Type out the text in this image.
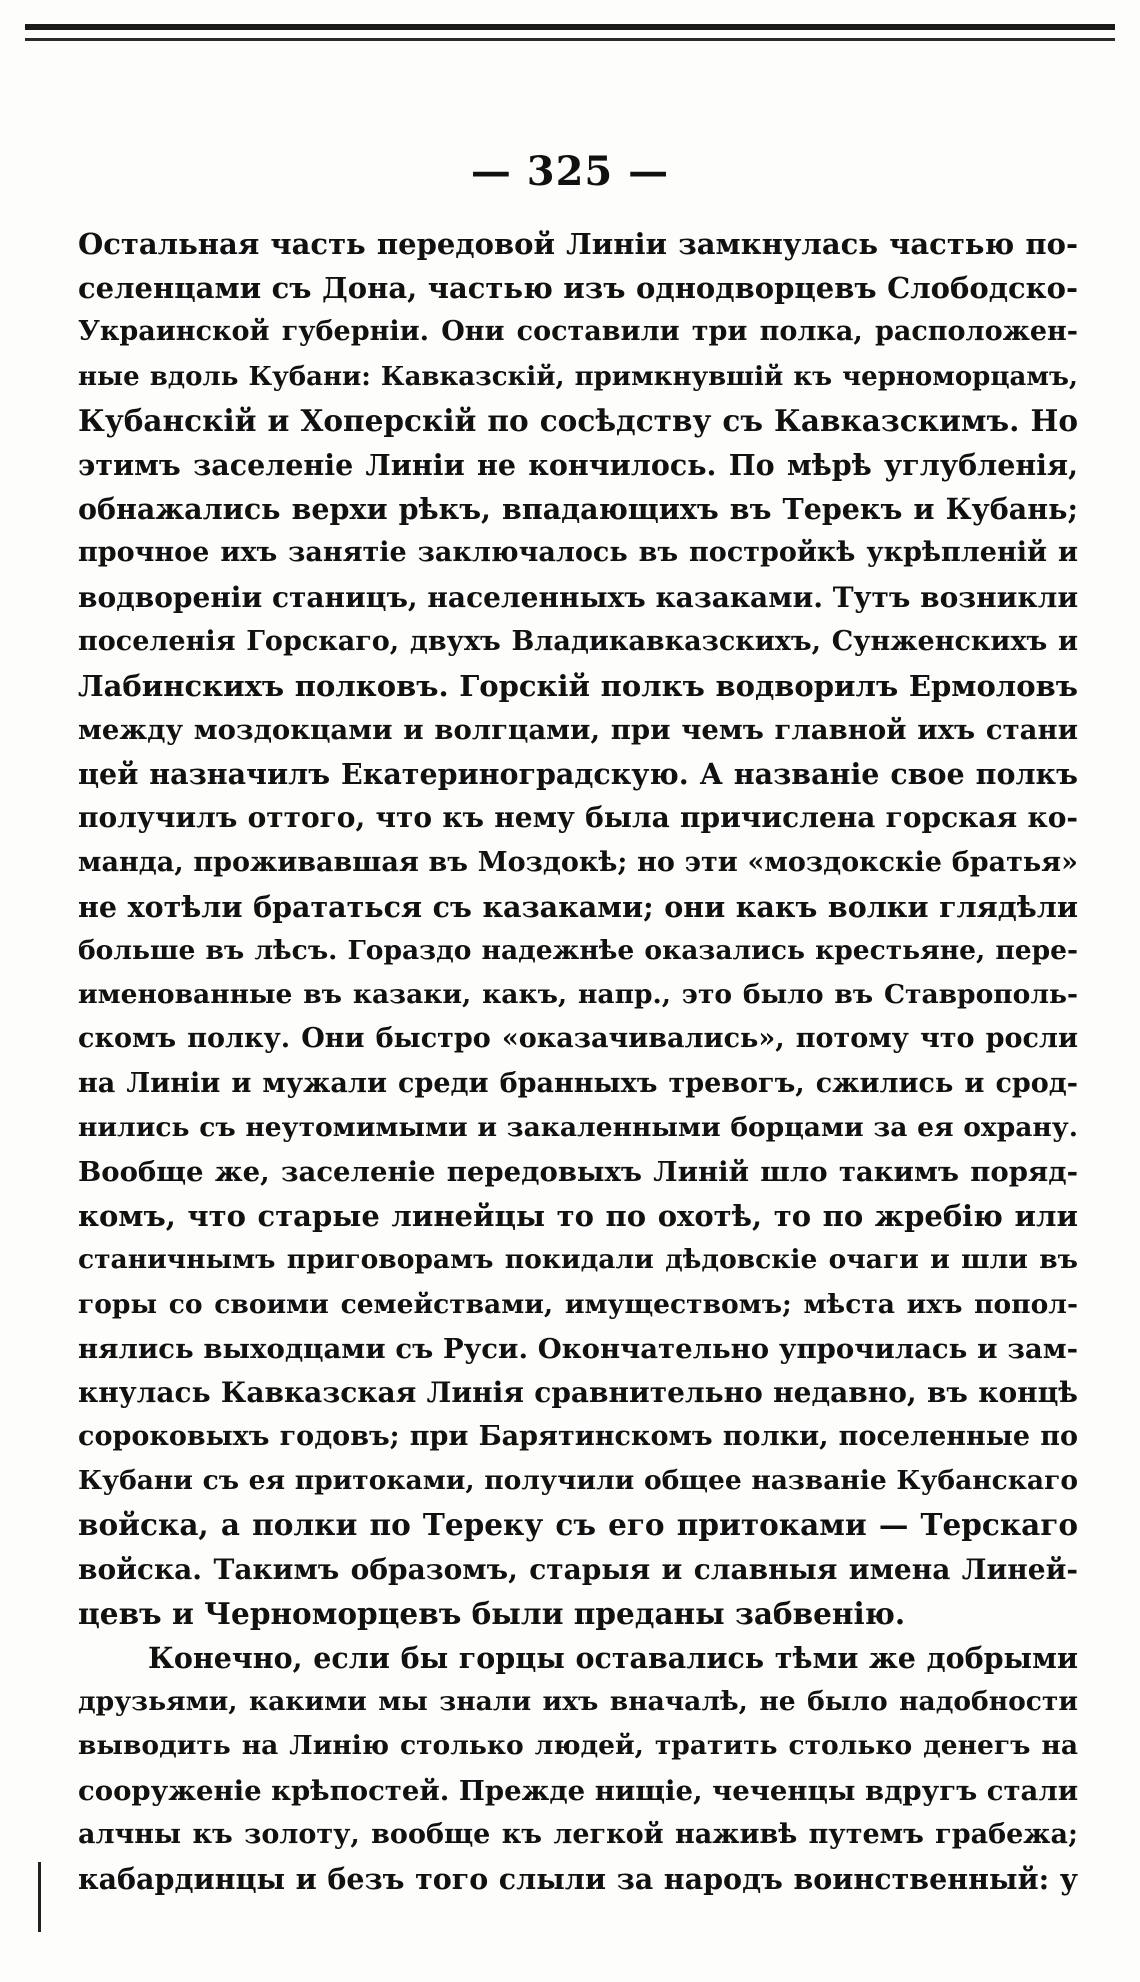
— 325 —
Остальная часть передовой Линіи замкнулась частью по-
селенцами съ Дона, частью изъ однодворцевъ Слободско-
Украинской губерніи. Они составили три полка, расположен-
ные вдоль Кубани: Кавказскій, примкнувшій къ черноморцамъ,
Кубанскій и Хоперскій по сосѣдству съ Кавказскимъ. Но
этимъ заселеніе Линіи не кончилось. По мѣрѣ углубленія,
обнажались верхи рѣкъ, впадающихъ въ Терекъ и Кубань;
прочное ихъ занятіе заключалось въ постройкѣ укрѣпленій и
водвореніи станицъ, населенныхъ казаками. Тутъ возникли
поселенія Горскаго, двухъ Владикавказскихъ, Сунженскихъ и
Лабинскихъ полковъ. Горскій полкъ водворилъ Ермоловъ
между моздокцами и волгцами, при чемъ главной ихъ стани
цей назначилъ Екатериноградскую. А названіе свое полкъ
получилъ оттого, что къ нему была причислена горская ко-
манда, проживавшая въ Моздокѣ; но эти «моздокскіе братья»
не хотѣли брататься съ казаками; они какъ волки глядѣли
больше въ лѣсъ. Гораздо надежнѣе оказались крестьяне, пере-
именованные въ казаки, какъ, напр., это было въ Ставрополь-
скомъ полку. Они быстро «оказачивались», потому что росли
на Линіи и мужали среди бранныхъ тревогъ, сжились и срод-
нились съ неутомимыми и закаленными борцами за ея охрану.
Вообще же, заселеніе передовыхъ Линій шло такимъ поряд-
комъ, что старые линейцы то по охотѣ, то по жребію или
станичнымъ приговорамъ покидали дѣдовскіе очаги и шли въ
горы со своими семействами, имуществомъ; мѣста ихъ попол-
нялись выходцами съ Руси. Окончательно упрочилась и зам-
кнулась Кавказская Линія сравнительно недавно, въ концѣ
сороковыхъ годовъ; при Барятинскомъ полки, поселенные по
Кубани съ ея притоками, получили общее названіе Кубанскаго
войска, а полки по Тереку съ его притоками — Терскаго
войска. Такимъ образомъ, старыя и славныя имена Линей-
цевъ и Черноморцевъ были преданы забвенію.
Конечно, если бы горцы оставались тѣми же добрыми
друзьями, какими мы знали ихъ вначалѣ, не было надобности
выводить на Линію столько людей, тратить столько денегъ на
сооруженіе крѣпостей. Прежде нищіе, чеченцы вдругъ стали
алчны къ золоту, вообще къ легкой наживѣ путемъ грабежа;
кабардинцы и безъ того слыли за народъ воинственный: у
